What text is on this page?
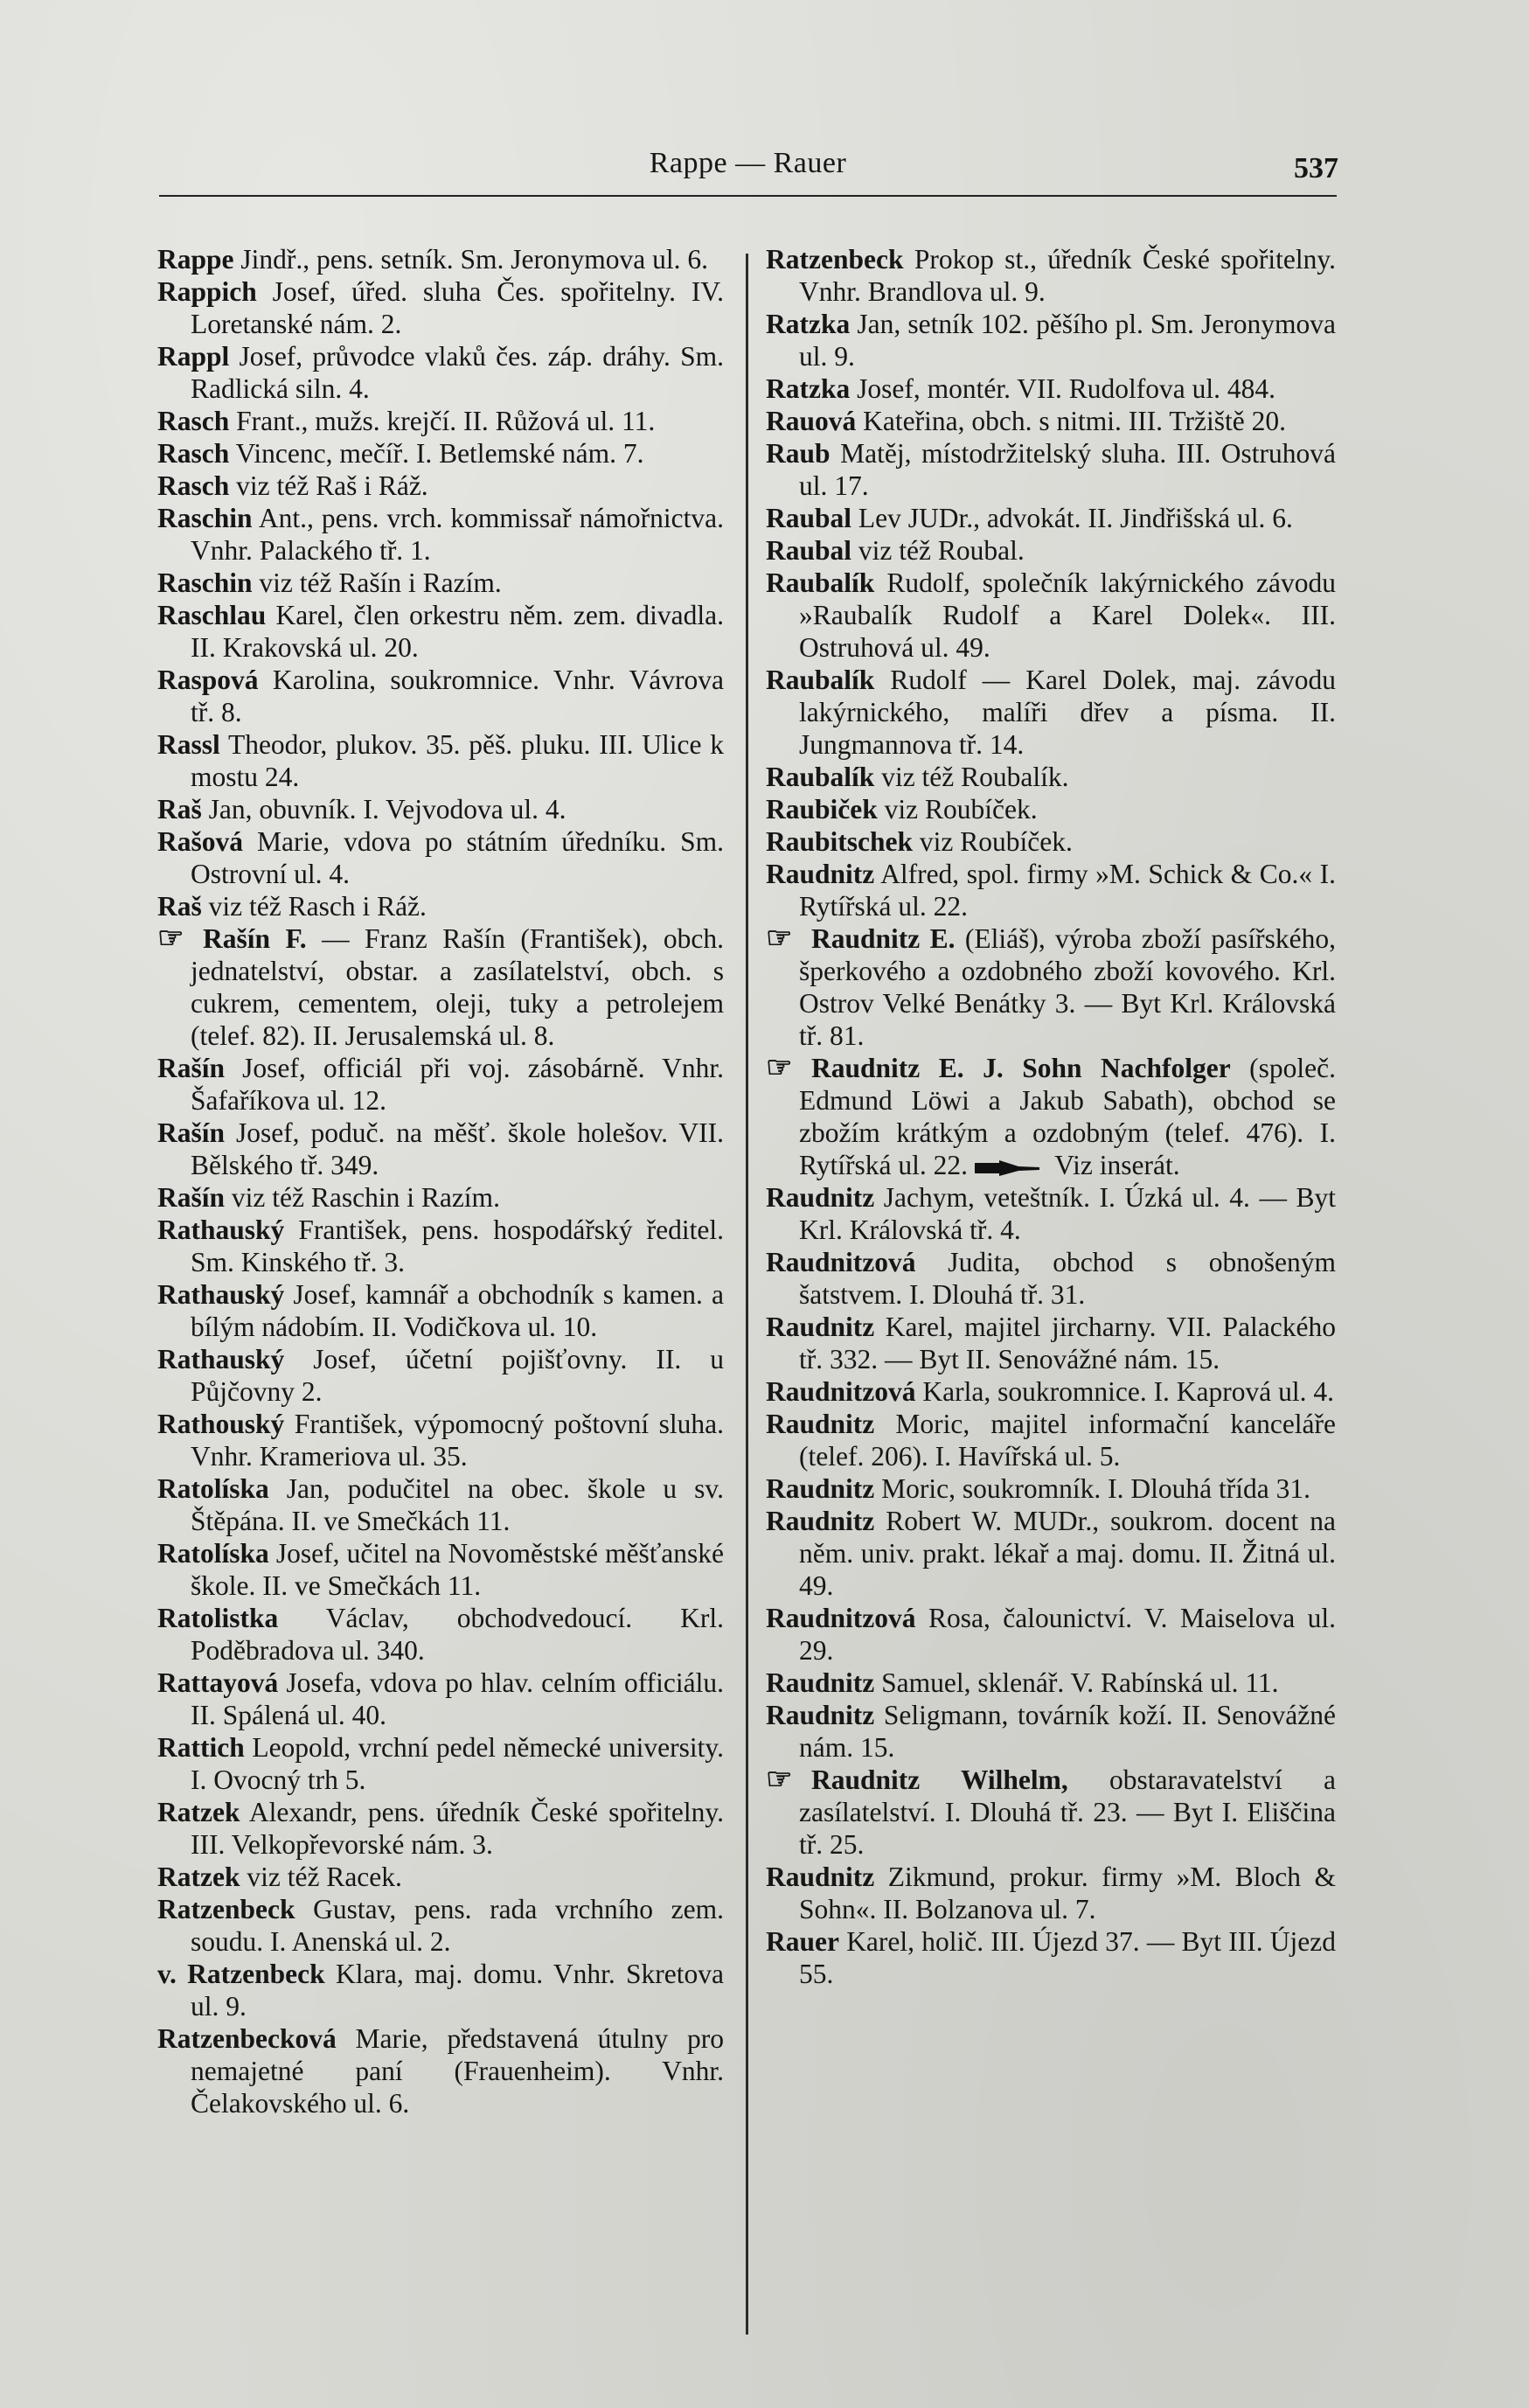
Rappe — Rauer	537

Rappe Jindř., pens. setník. Sm. Jeronymova ul. 6.

Rappich Josef, úřed. sluha Čes. spořitelny. IV. Loretanské nám. 2.

Rappl Josef, průvodce vlaků čes. záp. dráhy. Sm. Radlická siln. 4.

Rasch Frant., mužs. krejčí. II. Růžová ul. 11.

Rasch Vincenc, mečíř. I. Betlemské nám. 7.

Rasch viz též Raš i Ráž.

Raschin Ant., pens. vrch. kommissař námořnictva. Vnhr. Palackého tř. 1.

Raschin viz též Rašín i Razím.

Raschlau Karel, člen orkestru něm. zem. divadla. II. Krakovská ul. 20.

Raspová Karolina, soukromnice. Vnhr. Vávrova tř. 8.

Rassl Theodor, plukov. 35. pěš. pluku. III. Ulice k mostu 24.

Raš Jan, obuvník. I. Vejvodova ul. 4.

Rašová Marie, vdova po státním úředníku. Sm. Ostrovní ul. 4.

Raš viz též Rasch i Ráž.

☞ Rašín F. — Franz Rašín (František), obch. jednatelství, obstar. a zasílatelství, obch. s cukrem, cementem, oleji, tuky a petrolejem (telef. 82). II. Jerusalemská ul. 8.

Rašín Josef, officiál při voj. zásobárně. Vnhr. Šafaříkova ul. 12.

Rašín Josef, poduč. na měšť. škole holešov. VII. Bělského tř. 349.

Rašín viz též Raschin i Razím.

Rathauský František, pens. hospodářský ředitel. Sm. Kinského tř. 3.

Rathauský Josef, kamnář a obchodník s kamen. a bílým nádobím. II. Vodičkova ul. 10.

Rathauský Josef, účetní pojišťovny. II. u Půjčovny 2.

Rathouský František, výpomocný poštovní sluha. Vnhr. Krameriova ul. 35.

Ratolíska Jan, podučitel na obec. škole u sv. Štěpána. II. ve Smečkách 11.

Ratolíska Josef, učitel na Novoměstské měšťanské škole. II. ve Smečkách 11.

Ratolistka Václav, obchodvedoucí. Krl. Poděbradova ul. 340.

Rattayová Josefa, vdova po hlav. celním officiálu. II. Spálená ul. 40.

Rattich Leopold, vrchní pedel německé university. I. Ovocný trh 5.

Ratzek Alexandr, pens. úředník České spořitelny. III. Velkopřevorské nám. 3.

Ratzek viz též Racek.

Ratzenbeck Gustav, pens. rada vrchního zem. soudu. I. Anenská ul. 2.

v. Ratzenbeck Klara, maj. domu. Vnhr. Skretova ul. 9.

Ratzenbecková Marie, představená útulny pro nemajetné paní (Frauenheim). Vnhr. Čelakovského ul. 6.

Ratzenbeck Prokop st., úředník České spořitelny. Vnhr. Brandlova ul. 9.

Ratzka Jan, setník 102. pěšího pl. Sm. Jeronymova ul. 9.

Ratzka Josef, montér. VII. Rudolfova ul. 484.

Rauová Kateřina, obch. s nitmi. III. Tržiště 20.

Raub Matěj, místodržitelský sluha. III. Ostruhová ul. 17.

Raubal Lev JUDr., advokát. II. Jindřišská ul. 6.

Raubal viz též Roubal.

Raubalík Rudolf, společník lakýrnického závodu »Raubalík Rudolf a Karel Dolek«. III. Ostruhová ul. 49.

Raubalík Rudolf — Karel Dolek, maj. závodu lakýrnického, malíři dřev a písma. II. Jungmannova tř. 14.

Raubalík viz též Roubalík.

Raubiček viz Roubíček.

Raubitschek viz Roubíček.

Raudnitz Alfred, spol. firmy »M. Schick & Co.« I. Rytířská ul. 22.

☞ Raudnitz E. (Eliáš), výroba zboží pasířského, šperkového a ozdobného zboží kovového. Krl. Ostrov Velké Benátky 3. — Byt Krl. Královská tř. 81.

☞ Raudnitz E. J. Sohn Nachfolger (společ. Edmund Löwi a Jakub Sabath), obchod se zbožím krátkým a ozdobným (telef. 476). I. Rytířská ul. 22.	Viz inserát.

Raudnitz Jachym, veteštník. I. Úzká ul. 4. — Byt Krl. Královská tř. 4.

Raudnitzová Judita, obchod s obnošeným šatstvem. I. Dlouhá tř. 31.

Raudnitz Karel, majitel jircharny. VII. Palackého tř. 332. — Byt II. Senovážné nám. 15.

Raudnitzová Karla, soukromnice. I. Kaprová ul. 4.

Raudnitz Moric, majitel informační kanceláře (telef. 206). I. Havířská ul. 5.

Raudnitz Moric, soukromník. I. Dlouhá třída 31.

Raudnitz Robert W. MUDr., soukrom. docent na něm. univ. prakt. lékař a maj. domu. II. Žitná ul. 49.

Raudnitzová Rosa, čalounictví. V. Maiselova ul. 29.

Raudnitz Samuel, sklenář. V. Rabínská ul. 11.

Raudnitz Seligmann, továrník koží. II. Senovážné nám. 15.

☞ Raudnitz Wilhelm, obstaravatelství a zasílatelství. I. Dlouhá tř. 23. — Byt I. Eliščina tř. 25.

Raudnitz Zikmund, prokur. firmy »M. Bloch & Sohn«. II. Bolzanova ul. 7.

Rauer Karel, holič. III. Újezd 37. — Byt III. Újezd 55.
